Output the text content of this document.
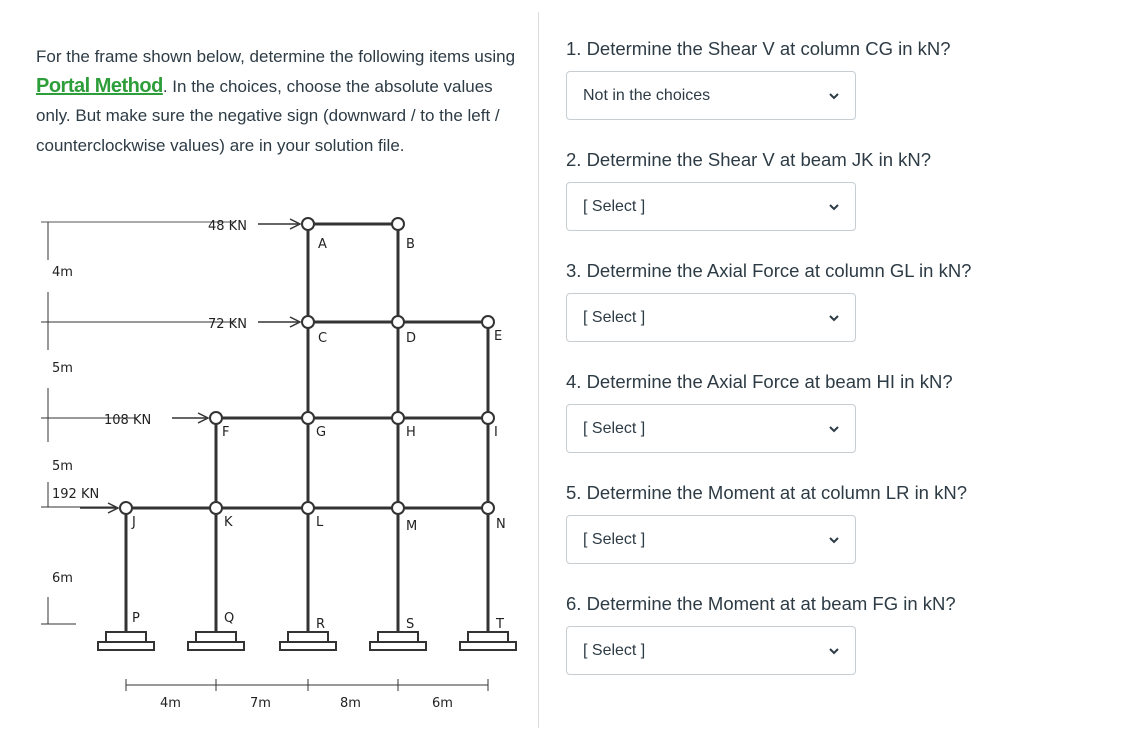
For the frame shown below, determine the following items using Portal Method. In the choices, choose the absolute values only. But make sure the negative sign (downward / to the left / counterclockwise values) are in your solution file.

48 KN
72 KN
108 KN
192 KN
4m
5m
5m
6m
4m	7m	8m	6m
A	B
C	D	E
F	G	H	I
J	K	L	M	N
P	Q	R	S	T

1. Determine the Shear V at column CG in kN?

Not in the choices

2. Determine the Shear V at beam JK in kN?

[ Select ]

3. Determine the Axial Force at column GL in kN?

[ Select ]

4. Determine the Axial Force at beam HI in kN?

[ Select ]

5. Determine the Moment at at column LR in kN?

[ Select ]

6. Determine the Moment at at beam FG in kN?

[ Select ]
